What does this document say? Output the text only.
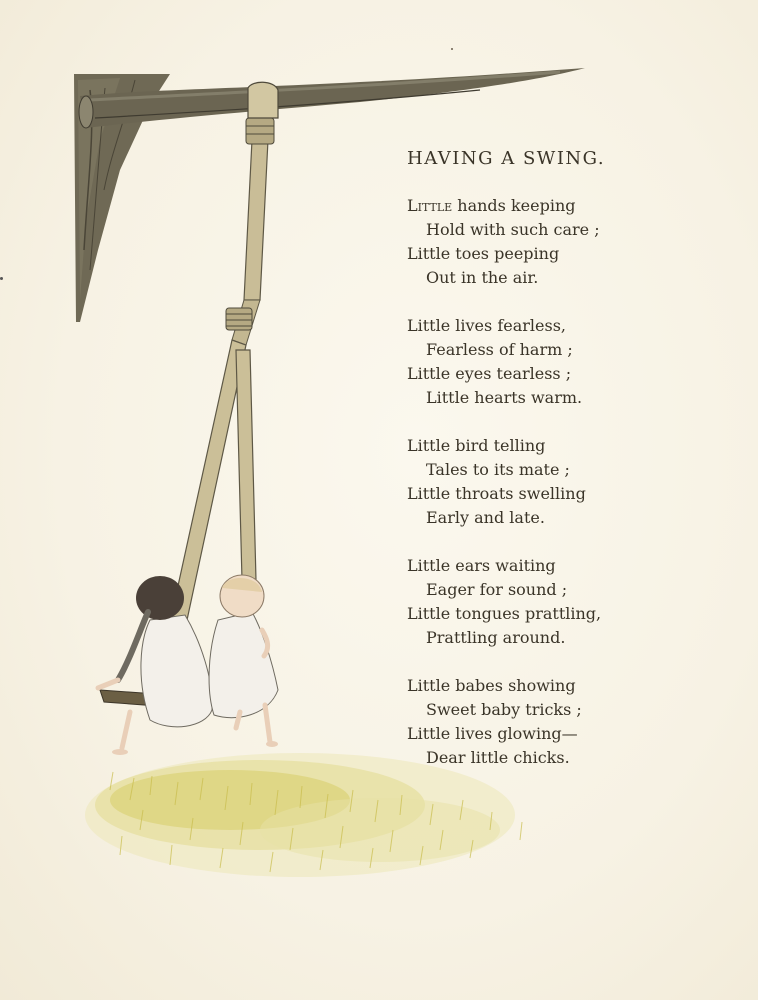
HAVING A SWING.
Little hands keeping
Hold with such care ;
Little toes peeping
Out in the air.
Little lives fearless,
Fearless of harm ;
Little eyes tearless ;
Little hearts warm.
Little bird telling
Tales to its mate ;
Little throats swelling
Early and late.
Little ears waiting
Eager for sound ;
Little tongues prattling,
Prattling around.
Little babes showing
Sweet baby tricks ;
Little lives glowing—
Dear little chicks.
